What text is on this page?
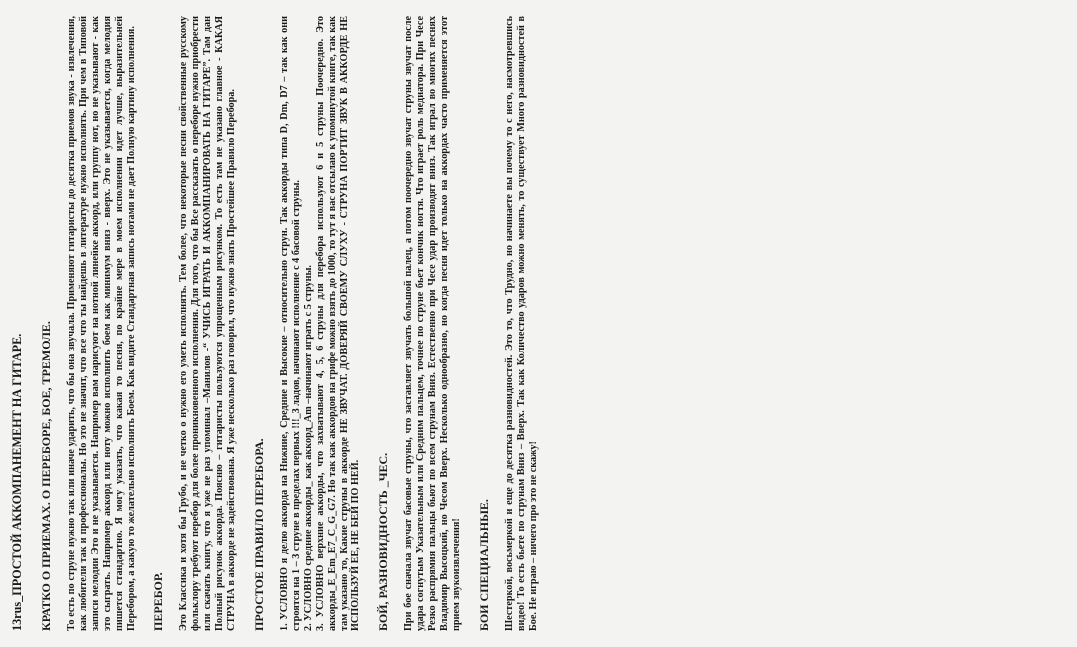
13rus_ПРОСТОЙ АККОМПАНЕМЕНТ НА ГИТАРЕ. КРАТКО О ПРИЕМАХ. О ПЕРЕБОРЕ, БОЕ, ТРЕМОЛЕ. То есть по струне нужно так или иначе ударить, что бы она звучала. Применяют гитаристы до десятка приемов звука - извлечения, как любители так и профессионалы. Но это не значит, что все что ты найдешь в литературе нужно исполнять. При чем в Типовой записи мелодии Это и не указывается. Например вам нарисуют на нотной линейке аккорд, или группу нот, но не указывают - как это сыграть. Например аккорд или ноту можно исполнить боем как минимум вниз - вверх. Это не указывается, когда мелодия пишется стандартно. Я могу указать, что какая то песня, по крайне мере в моем исполнении идет лучше, выразительней Перебором, а какую то желательно исполнить Боем. Как видите Стандартная запись нотами не дает Полную картину исполнения. ПЕРЕБОР. Это Классика и хотя бы Грубо, и не четко о нужно его уметь исполнять. Тем более, что некоторые песни свойственные русскому фольклору требуют перебор для более проникновенного исполнения. Для того, что бы Все рассказать о переборе нужно приобрести или скачать книгу, что я уже не раз упоминал –Манилов -“ УЧИСЬ ИГРАТЬ И АККОМПАНИРОВАТЬ НА ГИТАРЕ”. Там дан Полный рисунок аккорда. Поясню – гитаристы пользуются упрощенным рисунком. То есть там не указано главное - КАКАЯ СТРУНА в аккорде не задействована. Я уже несколько раз говорил, что нужно знать Простейшее Правило Перебора. ПРОСТОЕ ПРАВИЛО ПЕРЕБОРА. 1. УСЛОВНО я делю аккорда на Нижние, Средние и Высокие – относительно струн. Так аккорды типа D, Dm, D7 – так как они строятся на 1 – 3 струне в пределах первых !!!_3 ладов, начинают исполнение с 4 басовой струны. 2. УСЛОВНО средние аккорды_ как аккорд_Am –начинают играть с 5 струны. 3. УСЛОВНО верхние аккорды, что захватывают 4, 5, 6 струны для перебора используют 6 и 5 струны Поочередно. Это аккорды_E_Em_E7_C_G_G7. Но так как аккордов на грифе можно взять до 1000, то тут я вас отсылаю к упомянутой книге, так как там указано то, Какие струны в аккорде НЕ ЗВУЧАТ. ДОВЕРЯЙ СВОЕМУ СЛУХУ - СТРУНА ПОРТИТ ЗВУК В АККОРДЕ НЕ ИСПОЛЬЗУЙ ЕЕ, НЕ БЕЙ ПО НЕЙ. БОЙ, РАЗНОВИДНОСТЬ _ЧЕС. При бое сначала звучат басовые струны, что заставляет звучать большой палец, а потом поочередно звучат струны звучат после удара согнутым Указательным или Средним пальцем, точнее по струне бьет кончик ногтя. Что играет роль медиатора. При Чесе Резко распрямия пальцы бьют по всем струнам Вниз. Естественно при Чесе удар производят вниз. Так играл во многих песнях Владимир Высоцкий, но Чесом Вверх. Несколько однообразно, но когда песня идет только на аккордах часто применяется этот прием звукоизвлечения! БОИ СПЕЦИАЛЬНЫЕ. Шестеркой, восьмеркой и еще до десятка разновидностей. Это то, что Трудно, но начинаете вы почему то с него, насмотревшись видео! То есть бьете по струнам Вниз – Вверх. Так как Количество ударов можно менять, то существует Много разновидностей в Бое. Не играю – ничего про это не скажу!
